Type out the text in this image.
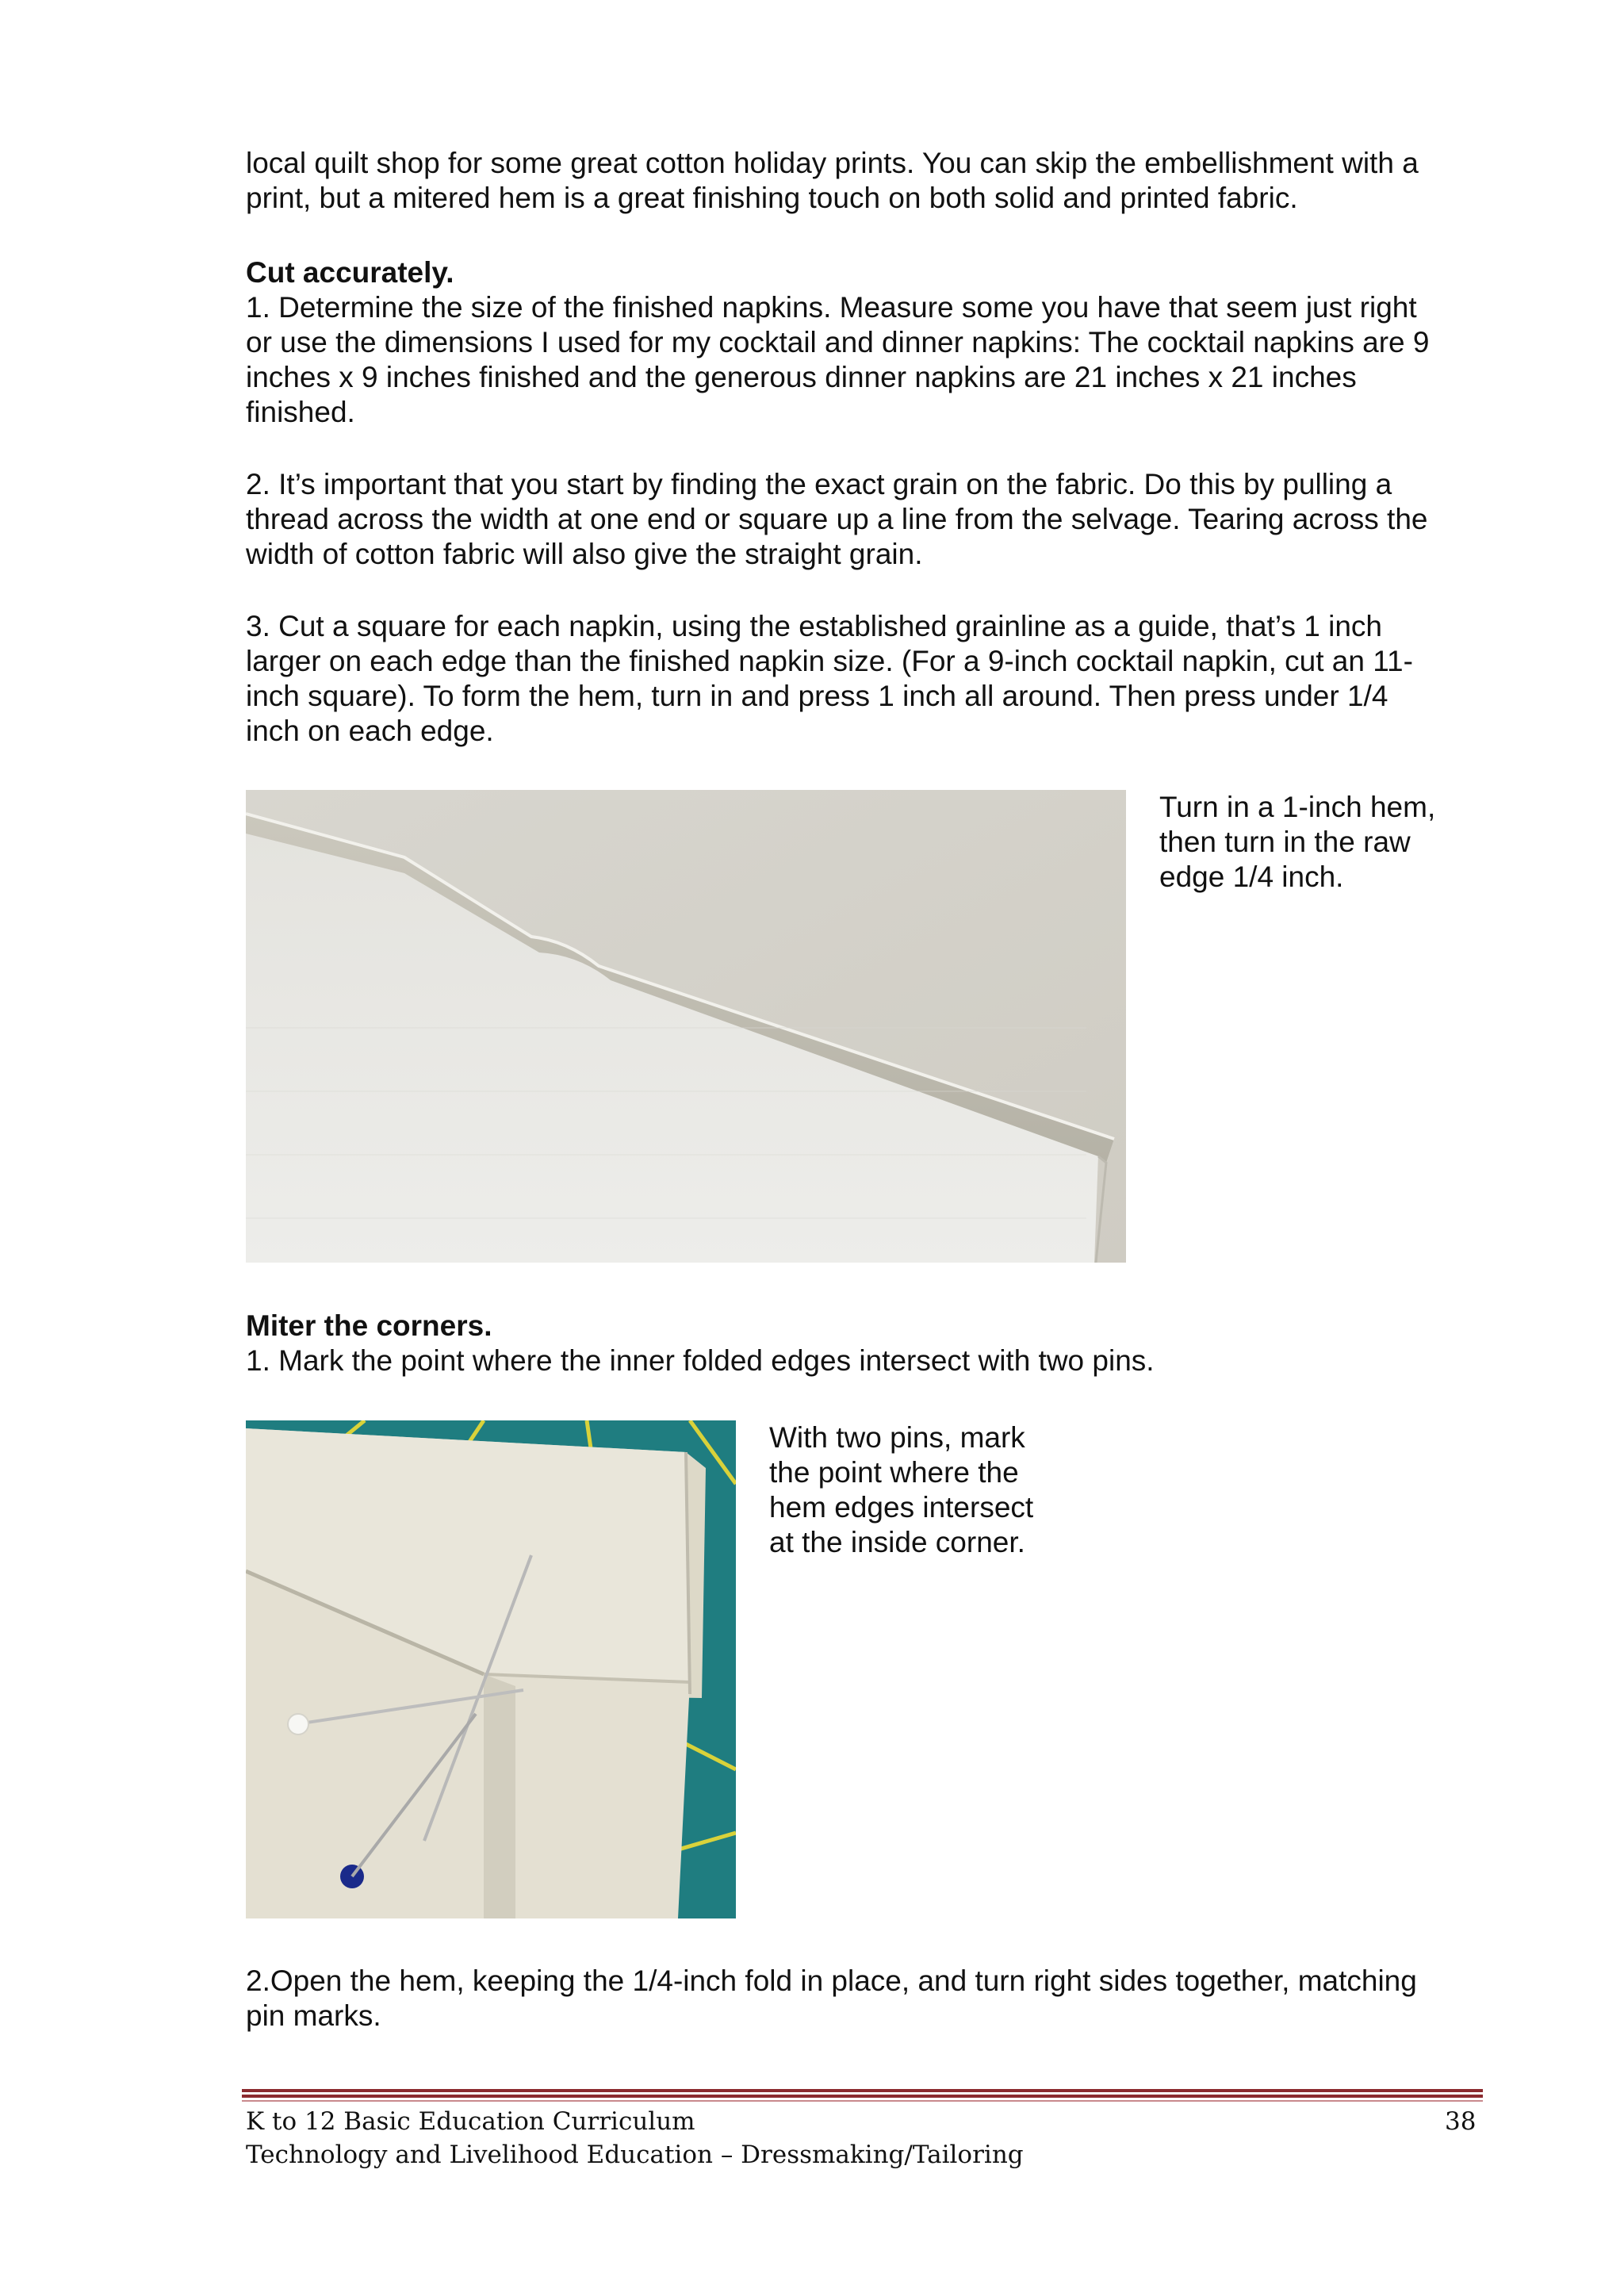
local quilt shop for some great cotton holiday prints. You can skip the embellishment with a

print, but a mitered hem is a great finishing touch on both solid and printed fabric.

Cut accurately.

1. Determine the size of the finished napkins. Measure some you have that seem just right

or use the dimensions I used for my cocktail and dinner napkins: The cocktail napkins are 9

inches x 9 inches finished and the generous dinner napkins are 21 inches x 21 inches

finished.

2. It’s important that you start by finding the exact grain on the fabric. Do this by pulling a

thread across the width at one end or square up a line from the selvage. Tearing across the

width of cotton fabric will also give the straight grain.

3. Cut a square for each napkin, using the established grainline as a guide, that’s 1 inch

larger on each edge than the finished napkin size. (For a 9-inch cocktail napkin, cut an 11-

inch square). To form the hem, turn in and press 1 inch all around. Then press under 1/4

inch on each edge.

Turn in a 1-inch hem,

then turn in the raw

edge 1/4 inch.

Miter the corners.

1. Mark the point where the inner folded edges intersect with two pins.

With two pins, mark

the point where the

hem edges intersect

at the inside corner.

2.Open the hem, keeping the 1/4-inch fold in place, and turn right sides together, matching

pin marks.

K to 12 Basic Education Curriculum

Technology and Livelihood Education – Dressmaking/Tailoring

38
